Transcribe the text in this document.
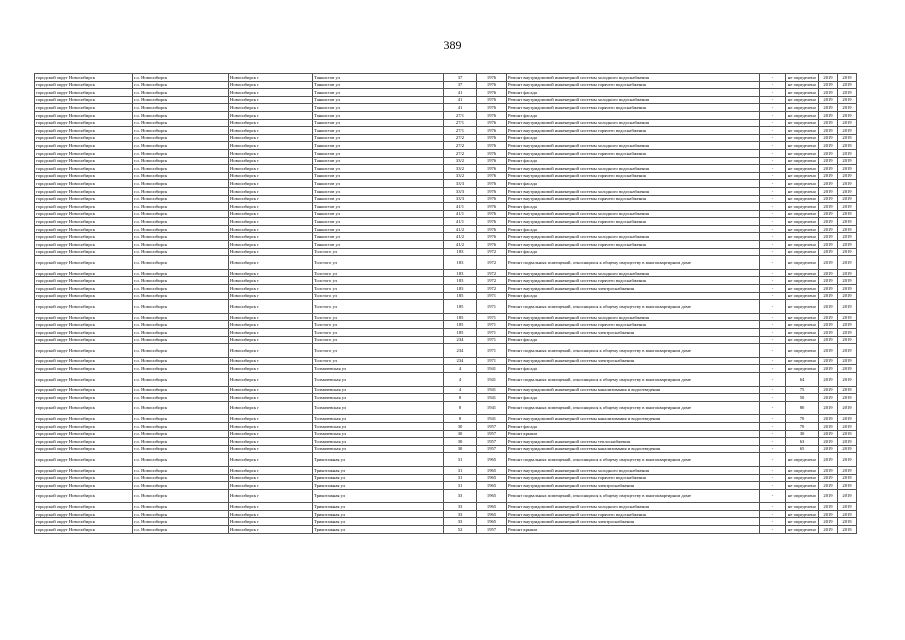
389
городской округ Новосибирск	г.о. Новосибирск	Новосибирск г	Танкистов ул	37	1976	Ремонт внутридомовой инженерной системы холодного водоснабжения	-	не определено	2019	2019
городской округ Новосибирск	г.о. Новосибирск	Новосибирск г	Танкистов ул	37	1976	Ремонт внутридомовой инженерной системы горячего водоснабжения	-	не определено	2019	2019
городской округ Новосибирск	г.о. Новосибирск	Новосибирск г	Танкистов ул	41	1976	Ремонт фасада	-	не определено	2019	2019
городской округ Новосибирск	г.о. Новосибирск	Новосибирск г	Танкистов ул	41	1976	Ремонт внутридомовой инженерной системы холодного водоснабжения	-	не определено	2019	2019
городской округ Новосибирск	г.о. Новосибирск	Новосибирск г	Танкистов ул	41	1976	Ремонт внутридомовой инженерной системы горячего водоснабжения	-	не определено	2019	2019
городской округ Новосибирск	г.о. Новосибирск	Новосибирск г	Танкистов ул	27/1	1976	Ремонт фасада	-	не определено	2019	2019
городской округ Новосибирск	г.о. Новосибирск	Новосибирск г	Танкистов ул	27/1	1976	Ремонт внутридомовой инженерной системы холодного водоснабжения	-	не определено	2019	2019
городской округ Новосибирск	г.о. Новосибирск	Новосибирск г	Танкистов ул	27/1	1976	Ремонт внутридомовой инженерной системы горячего водоснабжения	-	не определено	2019	2019
городской округ Новосибирск	г.о. Новосибирск	Новосибирск г	Танкистов ул	27/2	1976	Ремонт фасада	-	не определено	2019	2019
городской округ Новосибирск	г.о. Новосибирск	Новосибирск г	Танкистов ул	27/2	1976	Ремонт внутридомовой инженерной системы холодного водоснабжения	-	не определено	2019	2019
городской округ Новосибирск	г.о. Новосибирск	Новосибирск г	Танкистов ул	27/2	1976	Ремонт внутридомовой инженерной системы горячего водоснабжения	-	не определено	2019	2019
городской округ Новосибирск	г.о. Новосибирск	Новосибирск г	Танкистов ул	33/2	1976	Ремонт фасада	-	не определено	2019	2019
городской округ Новосибирск	г.о. Новосибирск	Новосибирск г	Танкистов ул	33/2	1976	Ремонт внутридомовой инженерной системы холодного водоснабжения	-	не определено	2019	2019
городской округ Новосибирск	г.о. Новосибирск	Новосибирск г	Танкистов ул	33/2	1976	Ремонт внутридомовой инженерной системы горячего водоснабжения	-	не определено	2019	2019
городской округ Новосибирск	г.о. Новосибирск	Новосибирск г	Танкистов ул	33/3	1976	Ремонт фасада	-	не определено	2019	2019
городской округ Новосибирск	г.о. Новосибирск	Новосибирск г	Танкистов ул	33/3	1976	Ремонт внутридомовой инженерной системы холодного водоснабжения	-	не определено	2019	2019
городской округ Новосибирск	г.о. Новосибирск	Новосибирск г	Танкистов ул	33/3	1976	Ремонт внутридомовой инженерной системы горячего водоснабжения	-	не определено	2019	2019
городской округ Новосибирск	г.о. Новосибирск	Новосибирск г	Танкистов ул	41/1	1976	Ремонт фасада	-	не определено	2019	2019
городской округ Новосибирск	г.о. Новосибирск	Новосибирск г	Танкистов ул	41/1	1976	Ремонт внутридомовой инженерной системы холодного водоснабжения	-	не определено	2019	2019
городской округ Новосибирск	г.о. Новосибирск	Новосибирск г	Танкистов ул	41/1	1976	Ремонт внутридомовой инженерной системы горячего водоснабжения	-	не определено	2019	2019
городской округ Новосибирск	г.о. Новосибирск	Новосибирск г	Танкистов ул	41/2	1976	Ремонт фасада	-	не определено	2019	2019
городской округ Новосибирск	г.о. Новосибирск	Новосибирск г	Танкистов ул	41/2	1976	Ремонт внутридомовой инженерной системы холодного водоснабжения	-	не определено	2019	2019
городской округ Новосибирск	г.о. Новосибирск	Новосибирск г	Танкистов ул	41/2	1976	Ремонт внутридомовой инженерной системы горячего водоснабжения	-	не определено	2019	2019
городской округ Новосибирск	г.о. Новосибирск	Новосибирск г	Толстого ул	183	1972	Ремонт фасада	-	не определено	2019	2019
городской округ Новосибирск	г.о. Новосибирск	Новосибирск г	Толстого ул	183	1972	Ремонт подвальных помещений, относящихся к общему имуществу в многоквартирном доме	-	не определено	2019	2019
городской округ Новосибирск	г.о. Новосибирск	Новосибирск г	Толстого ул	183	1972	Ремонт внутридомовой инженерной системы холодного водоснабжения	-	не определено	2019	2019
городской округ Новосибирск	г.о. Новосибирск	Новосибирск г	Толстого ул	183	1972	Ремонт внутридомовой инженерной системы горячего водоснабжения	-	не определено	2019	2019
городской округ Новосибирск	г.о. Новосибирск	Новосибирск г	Толстого ул	183	1972	Ремонт внутридомовой инженерной системы электроснабжения	-	не определено	2019	2019
городской округ Новосибирск	г.о. Новосибирск	Новосибирск г	Толстого ул	185	1971	Ремонт фасада	-	не определено	2019	2019
городской округ Новосибирск	г.о. Новосибирск	Новосибирск г	Толстого ул	185	1971	Ремонт подвальных помещений, относящихся к общему имуществу в многоквартирном доме	-	не определено	2019	2019
городской округ Новосибирск	г.о. Новосибирск	Новосибирск г	Толстого ул	185	1971	Ремонт внутридомовой инженерной системы холодного водоснабжения	-	не определено	2019	2019
городской округ Новосибирск	г.о. Новосибирск	Новосибирск г	Толстого ул	185	1971	Ремонт внутридомовой инженерной системы горячего водоснабжения	-	не определено	2019	2019
городской округ Новосибирск	г.о. Новосибирск	Новосибирск г	Толстого ул	185	1971	Ремонт внутридомовой инженерной системы электроснабжения	-	не определено	2019	2019
городской округ Новосибирск	г.о. Новосибирск	Новосибирск г	Толстого ул	234	1971	Ремонт фасада	-	не определено	2019	2019
городской округ Новосибирск	г.о. Новосибирск	Новосибирск г	Толстого ул	234	1971	Ремонт подвальных помещений, относящихся к общему имуществу в многоквартирном доме	-	не определено	2019	2019
городской округ Новосибирск	г.о. Новосибирск	Новосибирск г	Толстого ул	234	1971	Ремонт внутридомовой инженерной системы электроснабжения	-	не определено	2019	2019
городской округ Новосибирск	г.о. Новосибирск	Новосибирск г	Толмачевская ул	4	1941	Ремонт фасада	-	не определено	2019	2019
городской округ Новосибирск	г.о. Новосибирск	Новосибирск г	Толмачевская ул	4	1941	Ремонт подвальных помещений, относящихся к общему имуществу в многоквартирном доме	-	64	2019	2019
городской округ Новосибирск	г.о. Новосибирск	Новосибирск г	Толмачевская ул	4	1941	Ремонт внутридомовой инженерной системы канализования и водоотведения	-	75	2019	2019
городской округ Новосибирск	г.о. Новосибирск	Новосибирск г	Толмачевская ул	8	1941	Ремонт фасада	-	50	2019	2019
городской округ Новосибирск	г.о. Новосибирск	Новосибирск г	Толмачевская ул	8	1941	Ремонт подвальных помещений, относящихся к общему имуществу в многоквартирном доме	-	80	2019	2019
городской округ Новосибирск	г.о. Новосибирск	Новосибирск г	Толмачевская ул	8	1941	Ремонт внутридомовой инженерной системы канализования и водоотведения	-	70	2019	2019
городской округ Новосибирск	г.о. Новосибирск	Новосибирск г	Толмачевская ул	30	1957	Ремонт фасада	-	70	2019	2019
городской округ Новосибирск	г.о. Новосибирск	Новосибирск г	Толмачевская ул	30	1957	Ремонт крыши	-	30	2019	2019
городской округ Новосибирск	г.о. Новосибирск	Новосибирск г	Толмачевская ул	30	1957	Ремонт внутридомовой инженерной системы теплоснабжения	-	63	2019	2019
городской округ Новосибирск	г.о. Новосибирск	Новосибирск г	Толмачевская ул	30	1957	Ремонт внутридомовой инженерной системы канализования и водоотведения	-	65	2019	2019
городской округ Новосибирск	г.о. Новосибирск	Новосибирск г	Трикотажная ул	31	1965	Ремонт подвальных помещений, относящихся к общему имуществу в многоквартирном доме	-	не определено	2019	2019
городской округ Новосибирск	г.о. Новосибирск	Новосибирск г	Трикотажная ул	31	1965	Ремонт внутридомовой инженерной системы холодного водоснабжения	-	не определено	2019	2019
городской округ Новосибирск	г.о. Новосибирск	Новосибирск г	Трикотажная ул	31	1965	Ремонт внутридомовой инженерной системы горячего водоснабжения	-	не определено	2019	2019
городской округ Новосибирск	г.о. Новосибирск	Новосибирск г	Трикотажная ул	31	1965	Ремонт внутридомовой инженерной системы электроснабжения	-	не определено	2019	2019
городской округ Новосибирск	г.о. Новосибирск	Новосибирск г	Трикотажная ул	33	1965	Ремонт подвальных помещений, относящихся к общему имуществу в многоквартирном доме	-	не определено	2019	2019
городской округ Новосибирск	г.о. Новосибирск	Новосибирск г	Трикотажная ул	33	1965	Ремонт внутридомовой инженерной системы холодного водоснабжения	-	не определено	2019	2019
городской округ Новосибирск	г.о. Новосибирск	Новосибирск г	Трикотажная ул	33	1965	Ремонт внутридомовой инженерной системы горячего водоснабжения	-	не определено	2019	2019
городской округ Новосибирск	г.о. Новосибирск	Новосибирск г	Трикотажная ул	33	1965	Ремонт внутридомовой инженерной системы электроснабжения	-	не определено	2019	2019
городской округ Новосибирск	г.о. Новосибирск	Новосибирск г	Трикотажная ул	52	1957	Ремонт крыши	-	не определено	2019	2019
